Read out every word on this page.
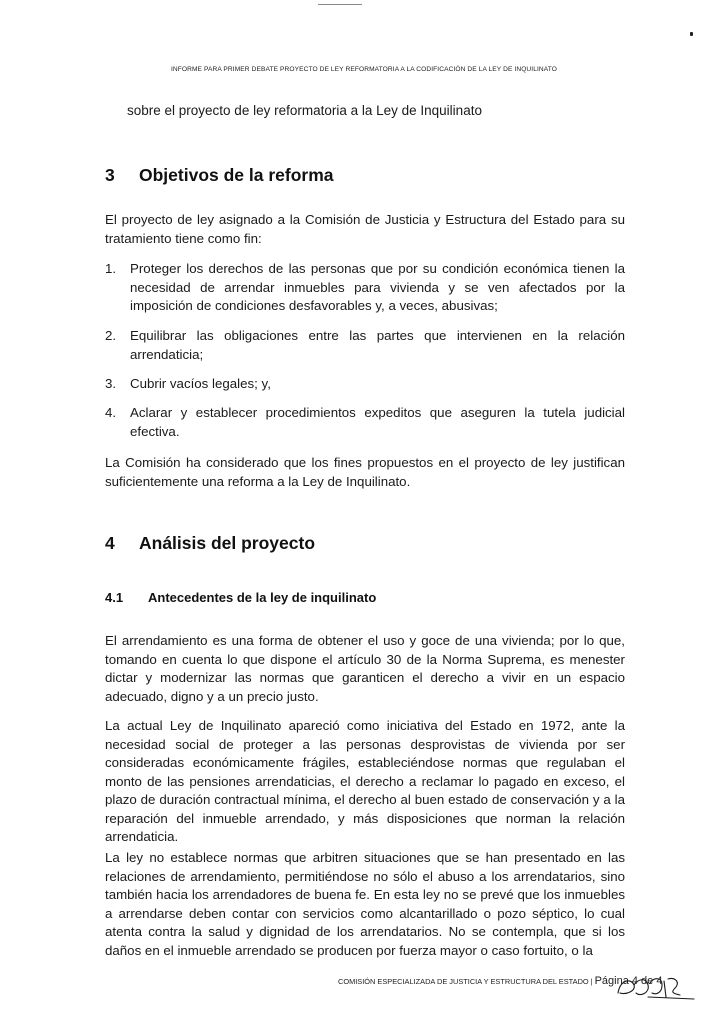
INFORME PARA PRIMER DEBATE PROYECTO DE LEY REFORMATORIA A LA CODIFICACIÓN DE LA LEY DE INQUILINATO
sobre el proyecto de ley reformatoria a la Ley de Inquilinato
3 Objetivos de la reforma
El proyecto de ley asignado a la Comisión de Justicia y Estructura del Estado para su tratamiento tiene como fin:
1. Proteger los derechos de las personas que por su condición económica tienen la necesidad de arrendar inmuebles para vivienda y se ven afectados por la imposición de condiciones desfavorables y, a veces, abusivas;
2. Equilibrar las obligaciones entre las partes que intervienen en la relación arrendaticia;
3. Cubrir vacíos legales; y,
4. Aclarar y establecer procedimientos expeditos que aseguren la tutela judicial efectiva.
La Comisión ha considerado que los fines propuestos en el proyecto de ley justifican suficientemente una reforma a la Ley de Inquilinato.
4 Análisis del proyecto
4.1 Antecedentes de la ley de inquilinato
El arrendamiento es una forma de obtener el uso y goce de una vivienda; por lo que, tomando en cuenta lo que dispone el artículo 30 de la Norma Suprema, es menester dictar y modernizar las normas que garanticen el derecho a vivir en un espacio adecuado, digno y a un precio justo.
La actual Ley de Inquilinato apareció como iniciativa del Estado en 1972, ante la necesidad social de proteger a las personas desprovistas de vivienda por ser consideradas económicamente frágiles, estableciéndose normas que regulaban el monto de las pensiones arrendaticias, el derecho a reclamar lo pagado en exceso, el plazo de duración contractual mínima, el derecho al buen estado de conservación y a la reparación del inmueble arrendado, y más disposiciones que norman la relación arrendaticia.
La ley no establece normas que arbitren situaciones que se han presentado en las relaciones de arrendamiento, permitiéndose no sólo el abuso a los arrendatarios, sino también hacia los arrendadores de buena fe. En esta ley no se prevé que los inmuebles a arrendarse deben contar con servicios como alcantarillado o pozo séptico, lo cual atenta contra la salud y dignidad de los arrendatarios. No se contempla, que si los daños en el inmueble arrendado se producen por fuerza mayor o caso fortuito, o la
COMISIÓN ESPECIALIZADA DE JUSTICIA Y ESTRUCTURA DEL ESTADO | Página 4 de 4
